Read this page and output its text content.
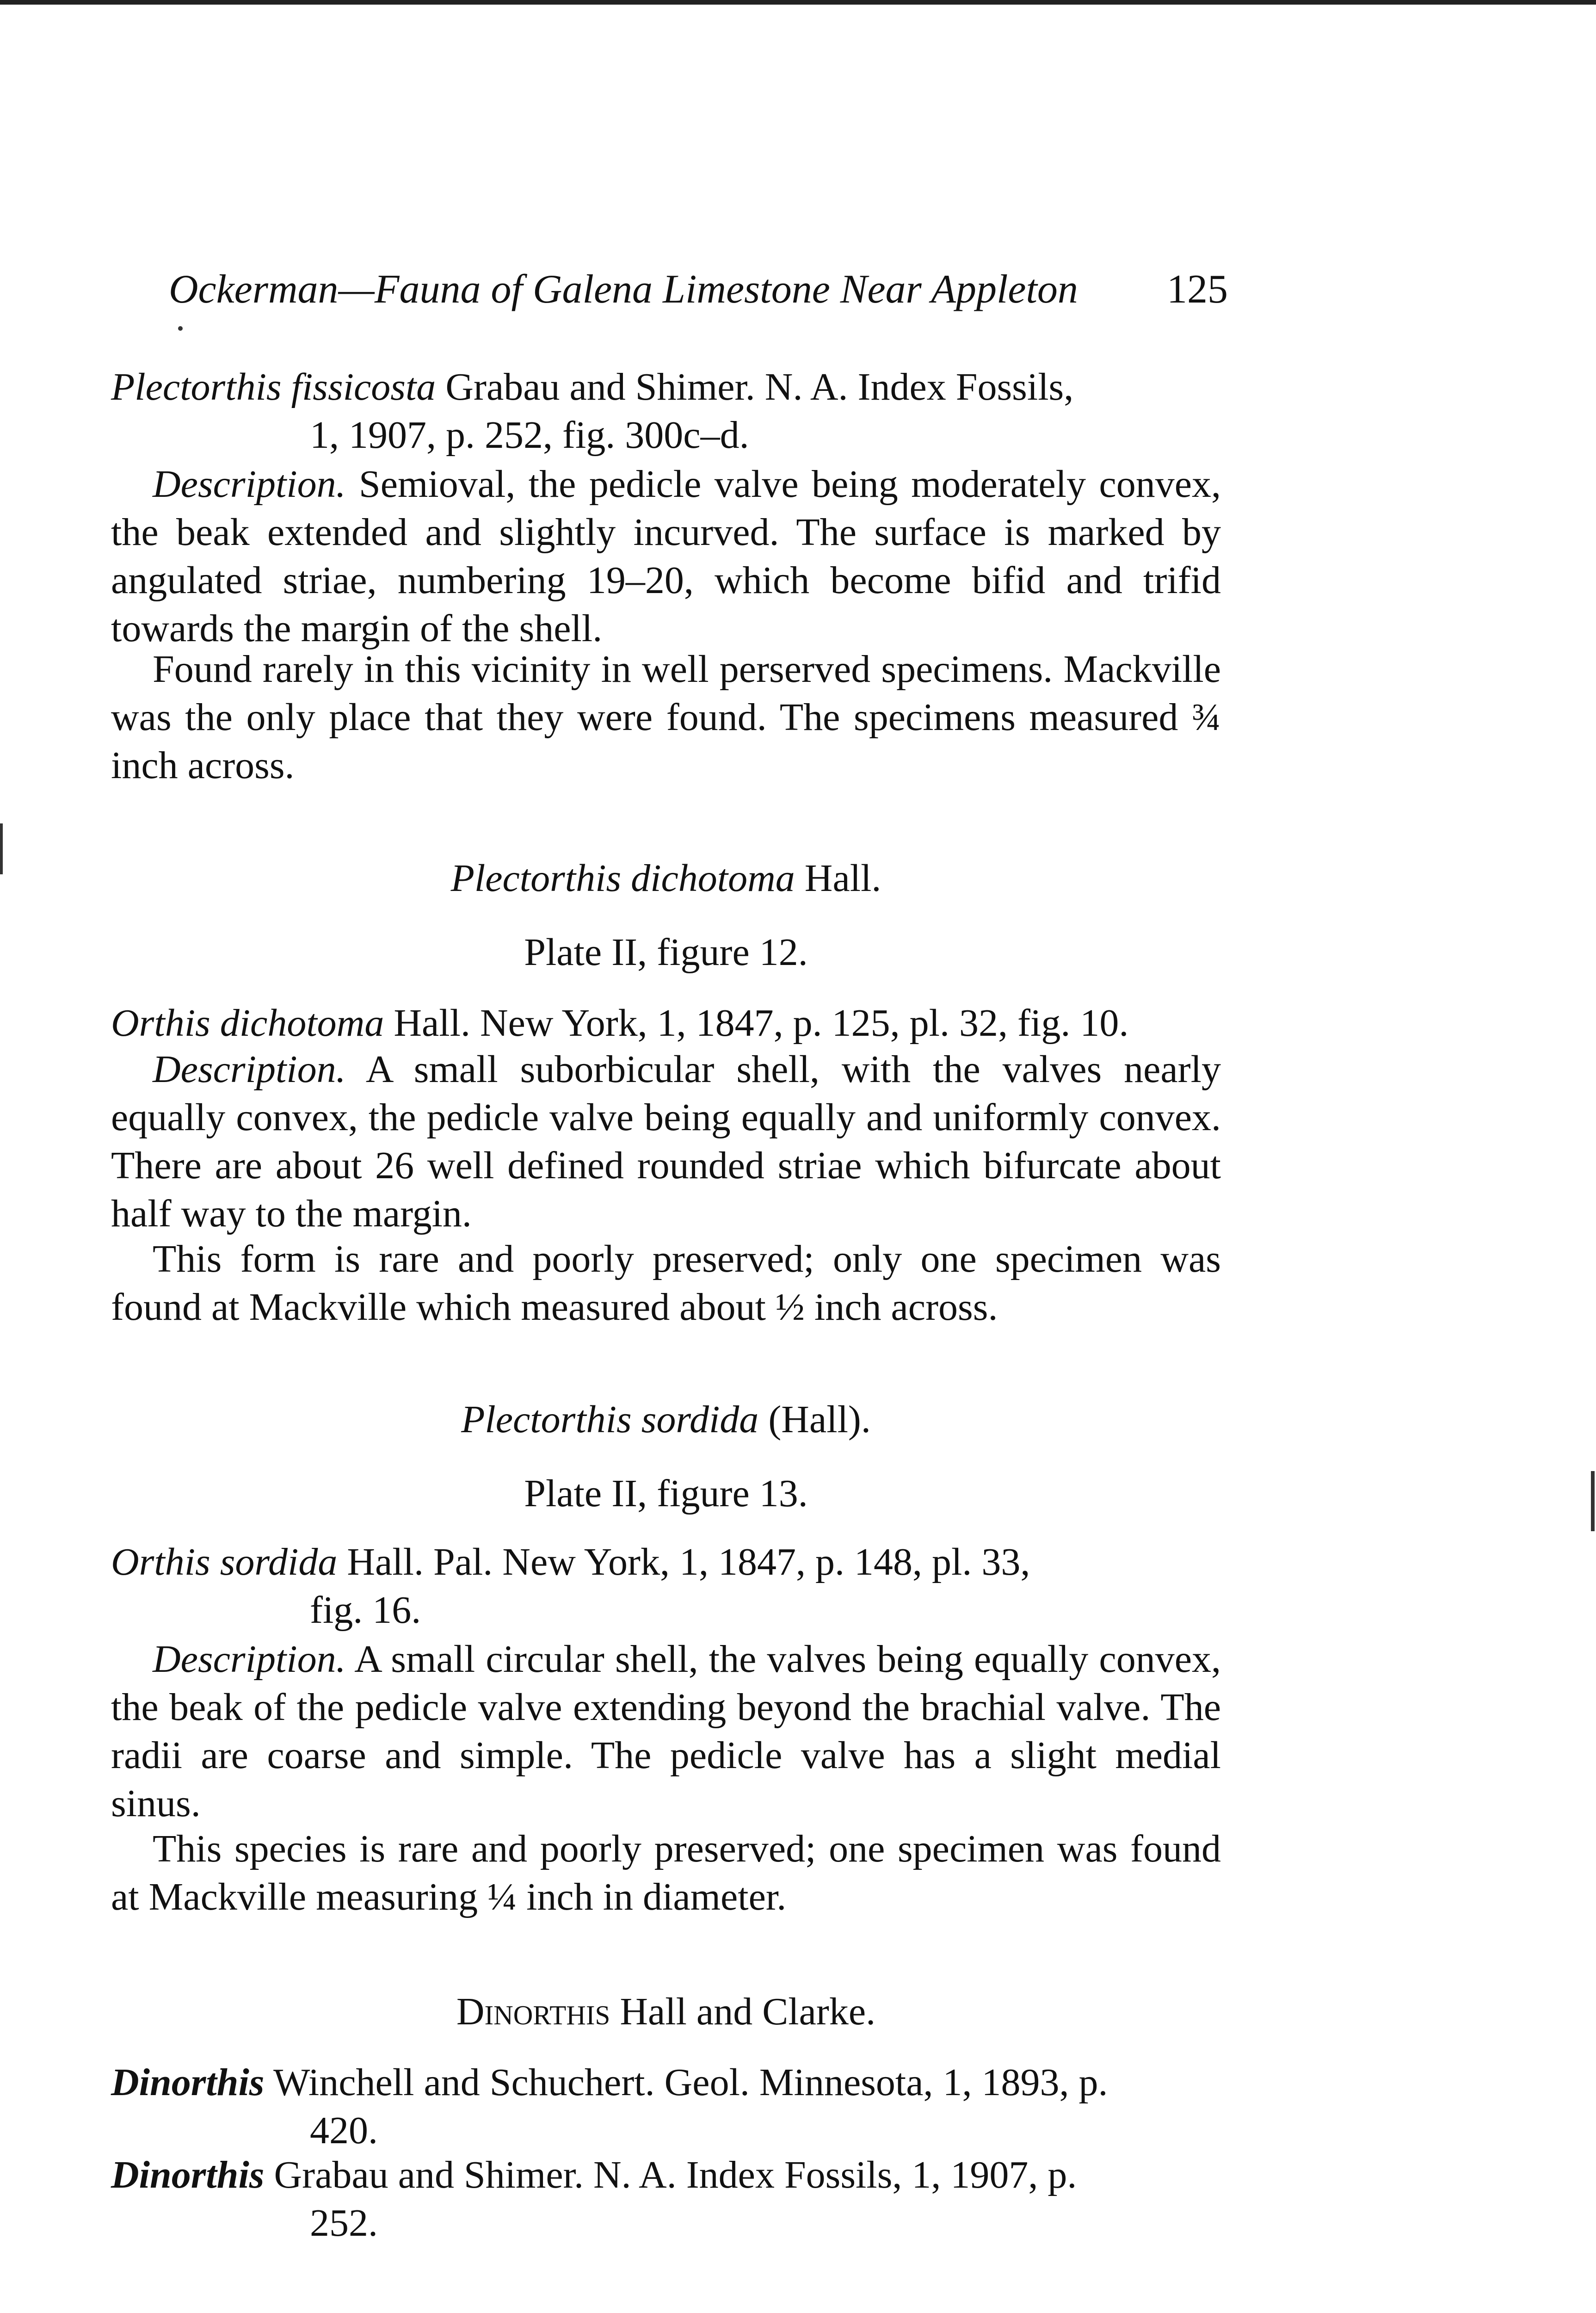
Ockerman—Fauna of Galena Limestone Near Appleton 125
Plectorthis fissicosta Grabau and Shimer. N. A. Index Fossils,
1, 1907, p. 252, fig. 300c–d.
Description. Semioval, the pedicle valve being moderately convex, the beak extended and slightly incurved. The surface is marked by angulated striae, numbering 19–20, which become bifid and trifid towards the margin of the shell.
Found rarely in this vicinity in well perserved specimens. Mackville was the only place that they were found. The specimens measured ¾ inch across.
Plectorthis dichotoma Hall.
Plate II, figure 12.
Orthis dichotoma Hall. New York, 1, 1847, p. 125, pl. 32, fig. 10.
Description. A small suborbicular shell, with the valves nearly equally convex, the pedicle valve being equally and uniformly convex. There are about 26 well defined rounded striae which bifurcate about half way to the margin.
This form is rare and poorly preserved; only one specimen was found at Mackville which measured about ½ inch across.
Plectorthis sordida (Hall).
Plate II, figure 13.
Orthis sordida Hall. Pal. New York, 1, 1847, p. 148, pl. 33,
fig. 16.
Description. A small circular shell, the valves being equally convex, the beak of the pedicle valve extending beyond the brachial valve. The radii are coarse and simple. The pedicle valve has a slight medial sinus.
This species is rare and poorly preserved; one specimen was found at Mackville measuring ¼ inch in diameter.
Dinorthis Hall and Clarke.
Dinorthis Winchell and Schuchert. Geol. Minnesota, 1, 1893, p.
420.
Dinorthis Grabau and Shimer. N. A. Index Fossils, 1, 1907, p.
252.
